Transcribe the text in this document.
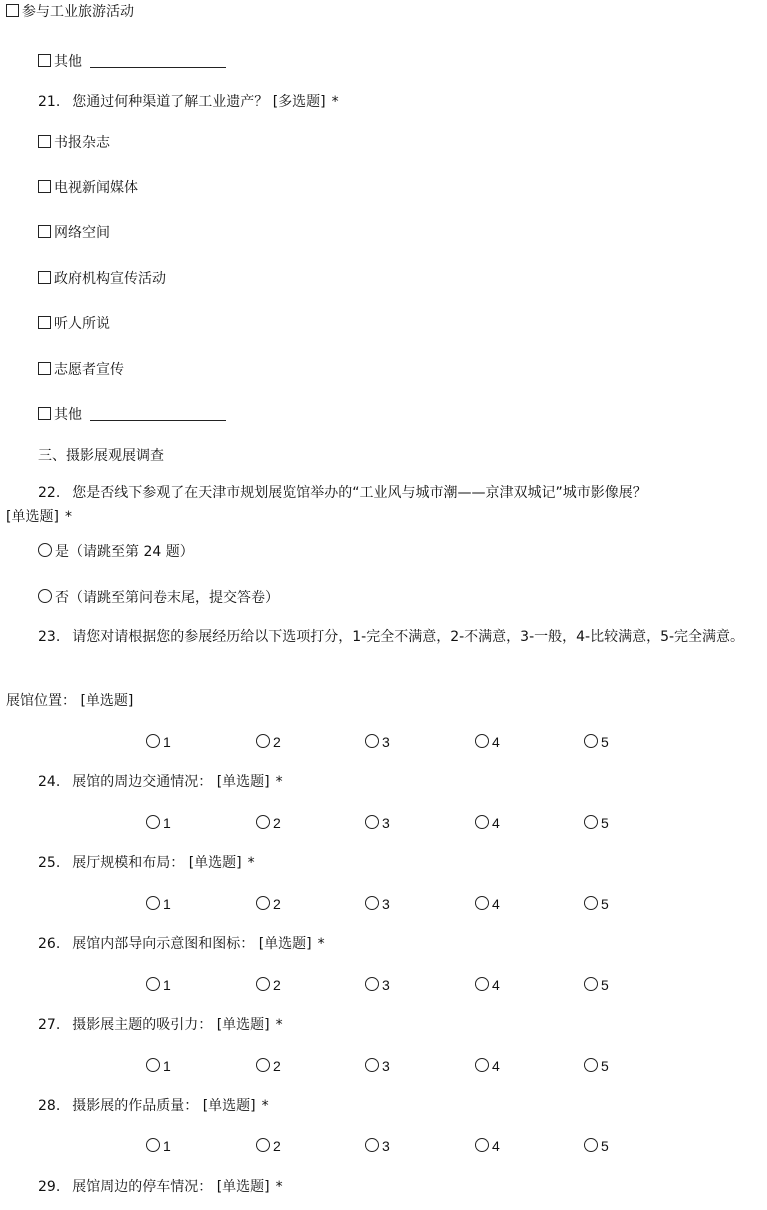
参与工业旅游活动
其他
21. 您通过何种渠道了解工业遗产？ [多选题] *
书报杂志
电视新闻媒体
网络空间
政府机构宣传活动
听人所说
志愿者宣传
其他
三、摄影展观展调查
22. 您是否线下参观了在天津市规划展览馆举办的“工业风与城市潮——京津双城记”城市影像展？
[单选题] *
是（请跳至第 24 题）
否（请跳至第问卷末尾，提交答卷）
23. 请您对请根据您的参展经历给以下选项打分，1-完全不满意，2-不满意，3-一般，4-比较满意，5-完全满意。
展馆位置： [单选题]
1	2	3	4	5
24. 展馆的周边交通情况： [单选题] *
1	2	3	4	5
25. 展厅规模和布局： [单选题] *
1	2	3	4	5
26. 展馆内部导向示意图和图标： [单选题] *
1	2	3	4	5
27. 摄影展主题的吸引力： [单选题] *
1	2	3	4	5
28. 摄影展的作品质量： [单选题] *
1	2	3	4	5
29. 展馆周边的停车情况： [单选题] *
